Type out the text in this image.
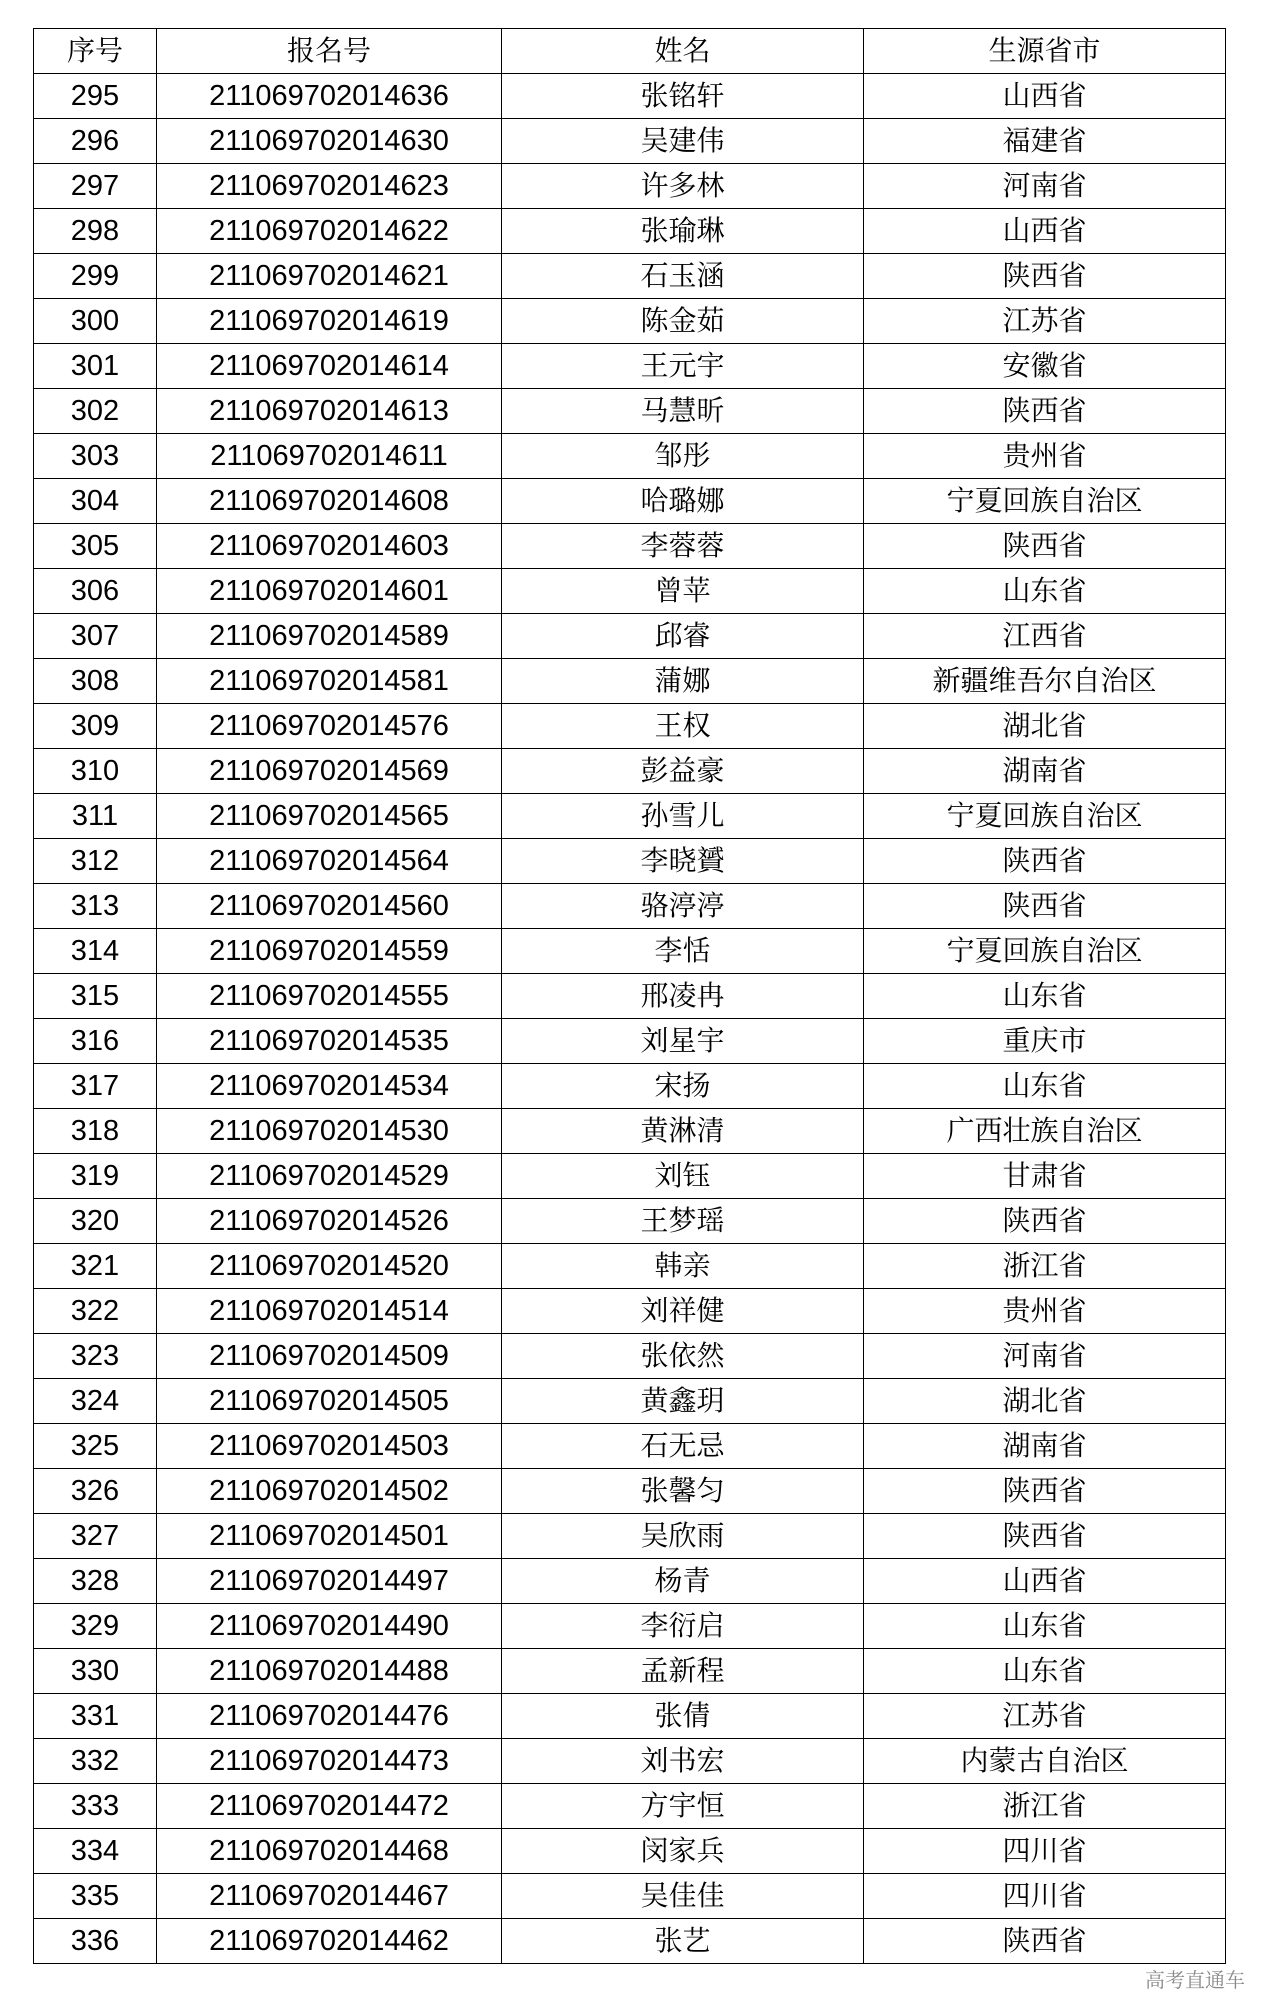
序号	报名号	姓名	生源省市
295	211069702014636	张铭轩	山西省
296	211069702014630	吴建伟	福建省
297	211069702014623	许多林	河南省
298	211069702014622	张瑜琳	山西省
299	211069702014621	石玉涵	陕西省
300	211069702014619	陈金茹	江苏省
301	211069702014614	王元宇	安徽省
302	211069702014613	马慧昕	陕西省
303	211069702014611	邹彤	贵州省
304	211069702014608	哈璐娜	宁夏回族自治区
305	211069702014603	李蓉蓉	陕西省
306	211069702014601	曾苹	山东省
307	211069702014589	邱睿	江西省
308	211069702014581	蒲娜	新疆维吾尔自治区
309	211069702014576	王权	湖北省
310	211069702014569	彭益豪	湖南省
311	211069702014565	孙雪儿	宁夏回族自治区
312	211069702014564	李晓贇	陕西省
313	211069702014560	骆渟渟	陕西省
314	211069702014559	李恬	宁夏回族自治区
315	211069702014555	邢凌冉	山东省
316	211069702014535	刘星宇	重庆市
317	211069702014534	宋扬	山东省
318	211069702014530	黄淋清	广西壮族自治区
319	211069702014529	刘钰	甘肃省
320	211069702014526	王梦瑶	陕西省
321	211069702014520	韩亲	浙江省
322	211069702014514	刘祥健	贵州省
323	211069702014509	张依然	河南省
324	211069702014505	黄鑫玥	湖北省
325	211069702014503	石无忌	湖南省
326	211069702014502	张馨匀	陕西省
327	211069702014501	吴欣雨	陕西省
328	211069702014497	杨青	山西省
329	211069702014490	李衍启	山东省
330	211069702014488	孟新程	山东省
331	211069702014476	张倩	江苏省
332	211069702014473	刘书宏	内蒙古自治区
333	211069702014472	方宇恒	浙江省
334	211069702014468	闵家兵	四川省
335	211069702014467	吴佳佳	四川省
336	211069702014462	张艺	陕西省
高考直通车
